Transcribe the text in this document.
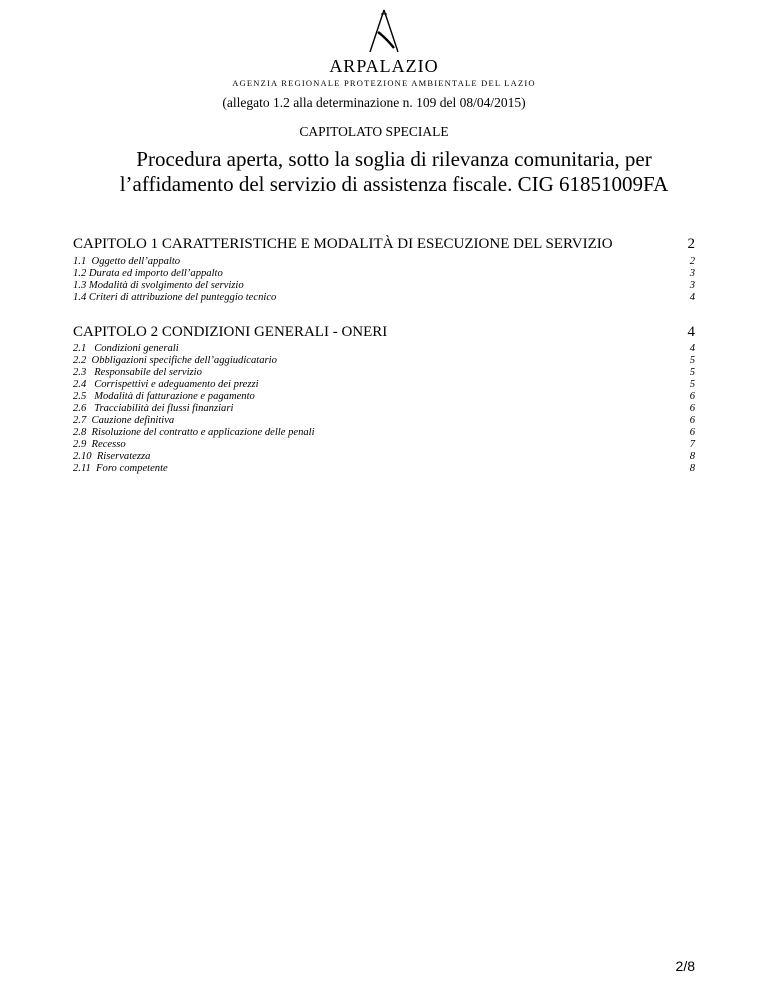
ARPALAZIO
AGENZIA REGIONALE PROTEZIONE AMBIENTALE DEL LAZIO
(allegato 1.2 alla determinazione n. 109 del 08/04/2015)
CAPITOLATO SPECIALE
Procedura aperta, sotto la soglia di rilevanza comunitaria, per
l’affidamento del servizio di assistenza fiscale. CIG 61851009FA
CAPITOLO 1 CARATTERISTICHE E MODALITÀ DI ESECUZIONE DEL SERVIZIO	2
1.1  Oggetto dell’appalto	2
1.2 Durata ed importo dell’appalto	3
1.3 Modalità di svolgimento del servizio	3
1.4 Criteri di attribuzione del punteggio tecnico	4
CAPITOLO 2 CONDIZIONI GENERALI - ONERI	4
2.1   Condizioni generali	4
2.2  Obbligazioni specifiche dell’aggiudicatario	5
2.3   Responsabile del servizio	5
2.4   Corrispettivi e adeguamento dei prezzi	5
2.5   Modalità di fatturazione e pagamento	6
2.6   Tracciabilità dei flussi finanziari	6
2.7  Cauzione definitiva	6
2.8  Risoluzione del contratto e applicazione delle penali	6
2.9  Recesso	7
2.10  Riservatezza	8
2.11  Foro competente	8
2/8
